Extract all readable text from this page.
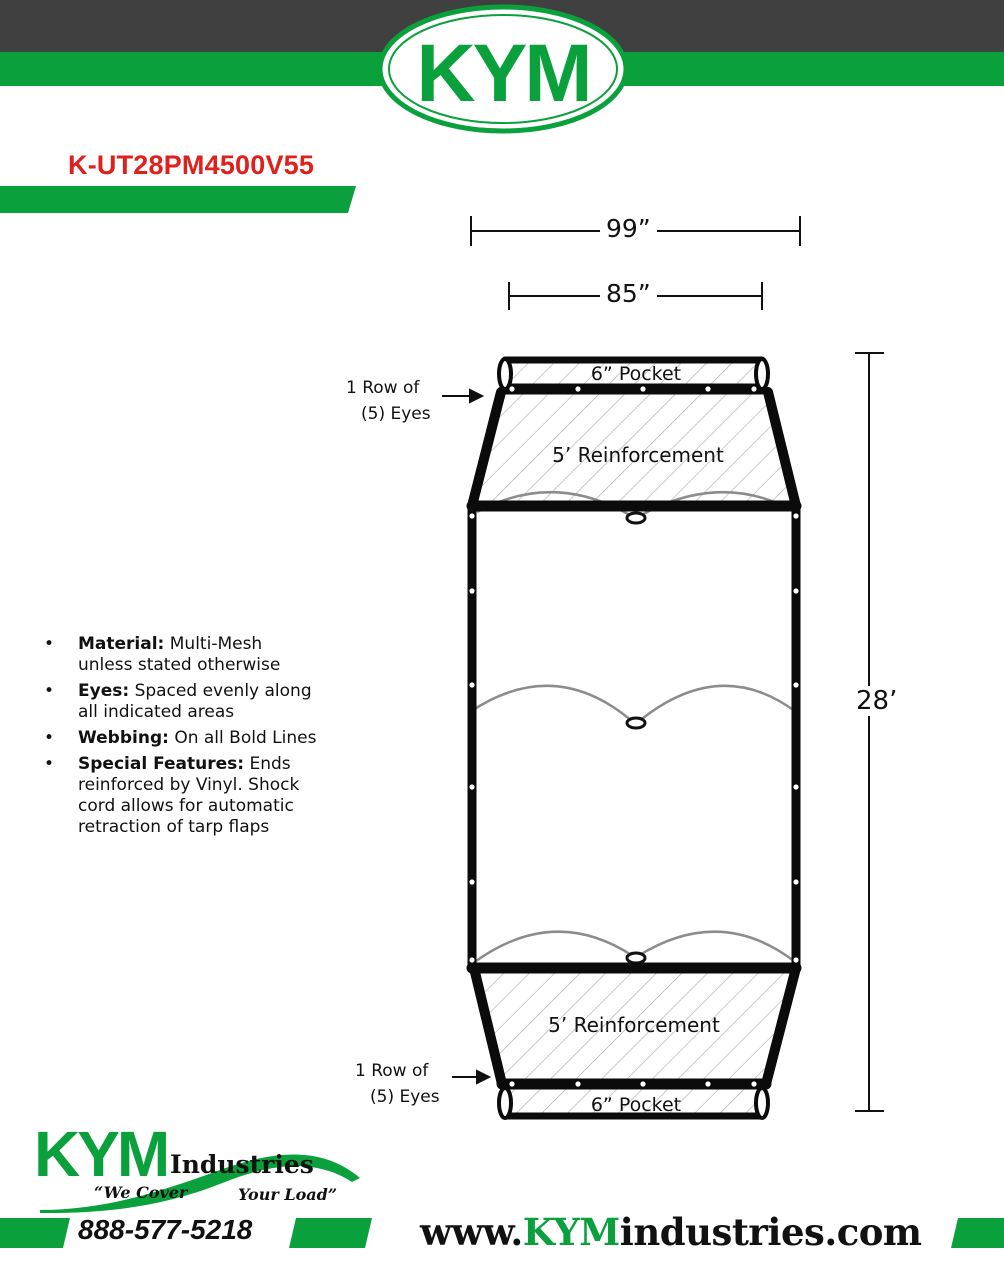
KYM
K-UT28PM4500V55
6” Pocket
5’ Reinforcement
5’ Reinforcement
6” Pocket
99”
85”
28’
1 Row of
(5) Eyes
1 Row of
(5) Eyes
• Material: Multi-Mesh
unless stated otherwise
• Eyes: Spaced evenly along
all indicated areas
• Webbing: On all Bold Lines
• Special Features: Ends
reinforced by Vinyl. Shock
cord allows for automatic
retraction of tarp flaps
KYM Industries
“We Cover	Your Load”
888-577-5218	www.KYMindustries.com
